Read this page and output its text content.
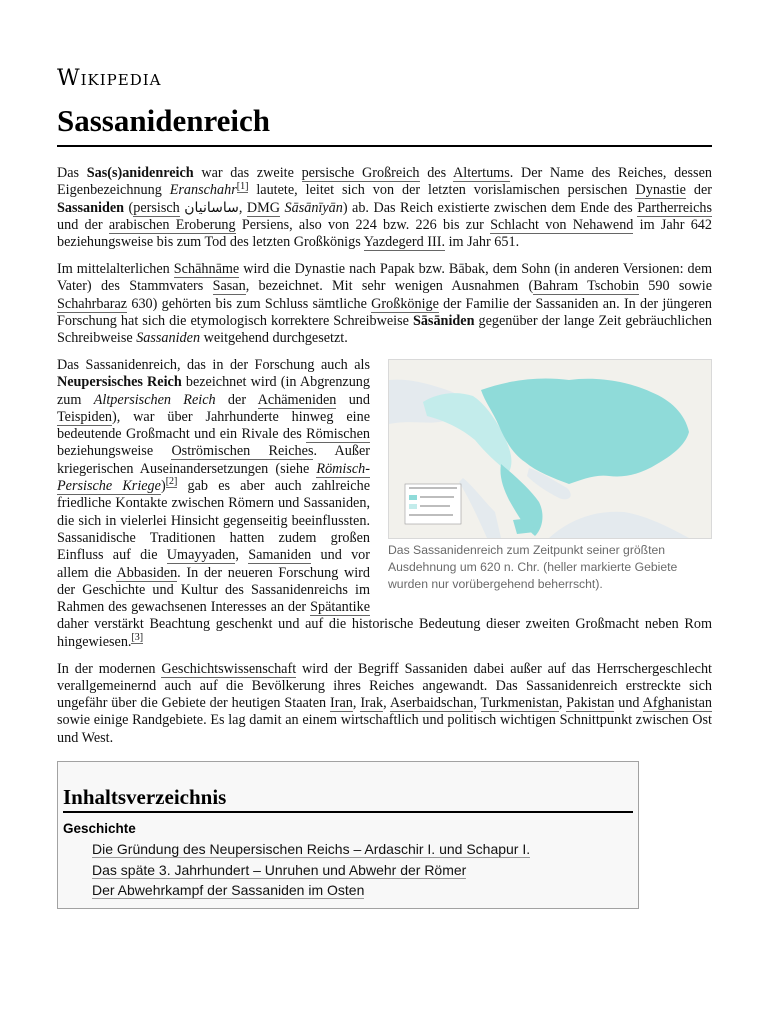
Wikipedia
Sassanidenreich

Das Sas(s)anidenreich war das zweite persische Großreich des Altertums. Der Name des Reiches, dessen Eigenbezeichnung Eranschahr[1] lautete, leitet sich von der letzten vorislamischen persischen Dynastie der Sassaniden (persisch ساسانیان, DMG Sāsānīyān) ab. Das Reich existierte zwischen dem Ende des Partherreichs und der arabischen Eroberung Persiens, also von 224 bzw. 226 bis zur Schlacht von Nehawend im Jahr 642 beziehungsweise bis zum Tod des letzten Großkönigs Yazdegerd III. im Jahr 651.

Im mittelalterlichen Schāhnāme wird die Dynastie nach Papak bzw. Bābak, dem Sohn (in anderen Versionen: dem Vater) des Stammvaters Sasan, bezeichnet. Mit sehr wenigen Ausnahmen (Bahram Tschobin 590 sowie Schahrbaraz 630) gehörten bis zum Schluss sämtliche Großkönige der Familie der Sassaniden an. In der jüngeren Forschung hat sich die etymologisch korrektere Schreibweise Sāsāniden gegenüber der lange Zeit gebräuchlichen Schreibweise Sassaniden weitgehend durchgesetzt.

Das Sassanidenreich zum Zeitpunkt seiner größten Ausdehnung um 620 n. Chr. (heller markierte Gebiete wurden nur vorübergehend beherrscht).

Das Sassanidenreich, das in der Forschung auch als Neupersisches Reich bezeichnet wird (in Abgrenzung zum Altpersischen Reich der Achämeniden und Teispiden), war über Jahrhunderte hinweg eine bedeutende Großmacht und ein Rivale des Römischen beziehungsweise Oströmischen Reiches. Außer kriegerischen Auseinandersetzungen (siehe Römisch-Persische Kriege)[2] gab es aber auch zahlreiche friedliche Kontakte zwischen Römern und Sassaniden, die sich in vielerlei Hinsicht gegenseitig beeinflussten. Sassanidische Traditionen hatten zudem großen Einfluss auf die Umayyaden, Samaniden und vor allem die Abbasiden. In der neueren Forschung wird der Geschichte und Kultur des Sassanidenreichs im Rahmen des gewachsenen Interesses an der Spätantike daher verstärkt Beachtung geschenkt und auf die historische Bedeutung dieser zweiten Großmacht neben Rom hingewiesen.[3]

In der modernen Geschichtswissenschaft wird der Begriff Sassaniden dabei außer auf das Herrschergeschlecht verallgemeinernd auch auf die Bevölkerung ihres Reiches angewandt. Das Sassanidenreich erstreckte sich ungefähr über die Gebiete der heutigen Staaten Iran, Irak, Aserbaidschan, Turkmenistan, Pakistan und Afghanistan sowie einige Randgebiete. Es lag damit an einem wirtschaftlich und politisch wichtigen Schnittpunkt zwischen Ost und West.

Inhaltsverzeichnis
Geschichte
Die Gründung des Neupersischen Reichs – Ardaschir I. und Schapur I.
Das späte 3. Jahrhundert – Unruhen und Abwehr der Römer
Der Abwehrkampf der Sassaniden im Osten
